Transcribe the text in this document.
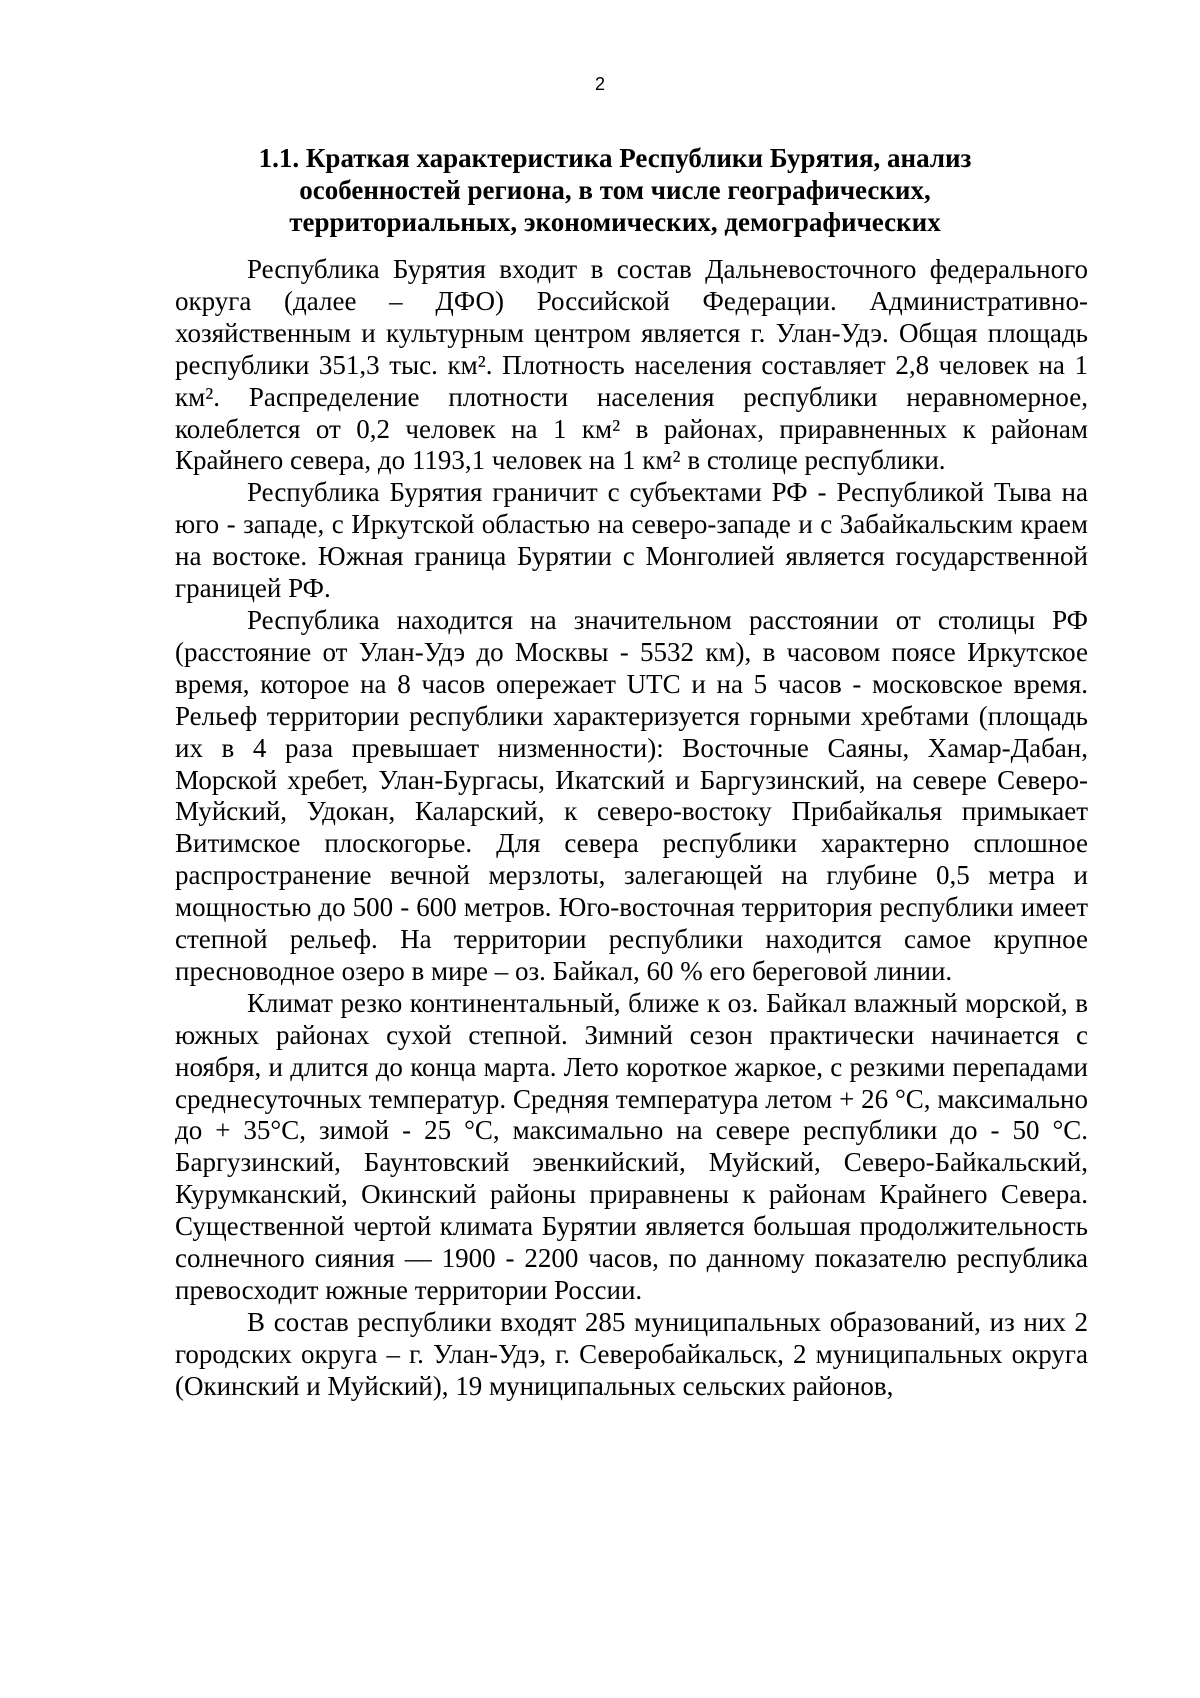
2
1.1. Краткая характеристика Республики Бурятия, анализ
особенностей региона, в том числе географических,
территориальных, экономических, демографических

Республика Бурятия входит в состав Дальневосточного федерального округа (далее – ДФО) Российской Федерации. Административно-хозяйственным и культурным центром является г. Улан-Удэ. Общая площадь республики 351,3 тыс. км². Плотность населения составляет 2,8 человек на 1 км². Распределение плотности населения республики неравномерное, колеблется от 0,2 человек на 1 км² в районах, приравненных к районам Крайнего севера, до 1193,1 человек на 1 км² в столице республики.

Республика Бурятия граничит с субъектами РФ - Республикой Тыва на юго - западе, с Иркутской областью на северо-западе и с Забайкальским краем на востоке. Южная граница Бурятии с Монголией является государственной границей РФ.

Республика находится на значительном расстоянии от столицы РФ (расстояние от Улан-Удэ до Москвы - 5532 км), в часовом поясе Иркутское время, которое на 8 часов опережает UTC и на 5 часов - московское время. Рельеф территории республики характеризуется горными хребтами (площадь их в 4 раза превышает низменности): Восточные Саяны, Хамар-Дабан, Морской хребет, Улан-Бургасы, Икатский и Баргузинский, на севере Северо-Муйский, Удокан, Каларский, к северо-востоку Прибайкалья примыкает Витимское плоскогорье. Для севера республики характерно сплошное распространение вечной мерзлоты, залегающей на глубине 0,5 метра и мощностью до 500 - 600 метров. Юго-восточная территория республики имеет степной рельеф. На территории республики находится самое крупное пресноводное озеро в мире – оз. Байкал, 60 % его береговой линии.

Климат резко континентальный, ближе к оз. Байкал влажный морской, в южных районах сухой степной. Зимний сезон практически начинается с ноября, и длится до конца марта. Лето короткое жаркое, с резкими перепадами среднесуточных температур. Средняя температура летом + 26 °С, максимально до + 35°С, зимой - 25 °С, максимально на севере республики до - 50 °С. Баргузинский, Баунтовский эвенкийский, Муйский, Северо-Байкальский, Курумканский, Окинский районы приравнены к районам Крайнего Севера. Существенной чертой климата Бурятии является большая продолжительность солнечного сияния — 1900 - 2200 часов, по данному показателю республика превосходит южные территории России.

В состав республики входят 285 муниципальных образований, из них 2 городских округа – г. Улан-Удэ, г. Северобайкальск, 2 муниципальных округа (Окинский и Муйский), 19 муниципальных сельских районов,
